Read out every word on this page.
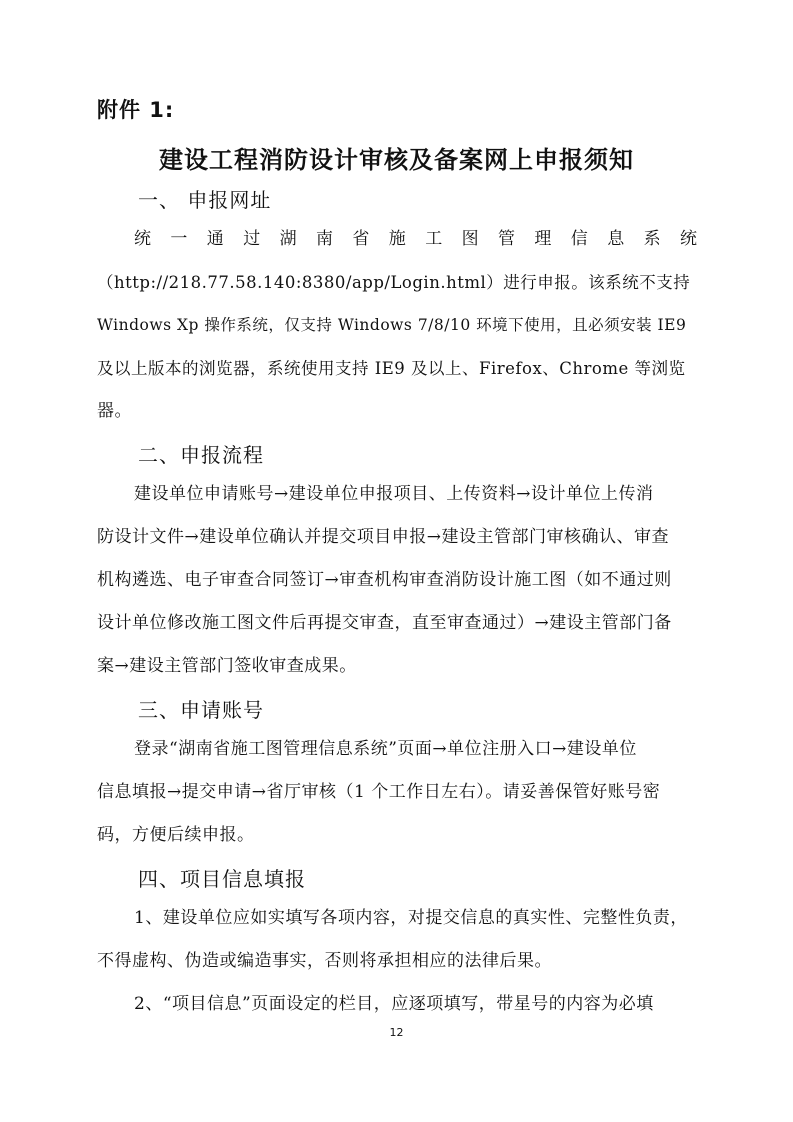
附件 1:
建设工程消防设计审核及备案网上申报须知
一、 申报网址
统 一 通 过 湖 南 省 施 工 图 管 理 信 息 系 统
（http://218.77.58.140:8380/app/Login.html）进行申报。该系统不支持
Windows Xp 操作系统，仅支持 Windows 7/8/10 环境下使用，且必须安装 IE9
及以上版本的浏览器，系统使用支持 IE9 及以上、Firefox、Chrome 等浏览
器。
二、申报流程
建设单位申请账号→建设单位申报项目、上传资料→设计单位上传消
防设计文件→建设单位确认并提交项目申报→建设主管部门审核确认、审查
机构遴选、电子审查合同签订→审查机构审查消防设计施工图（如不通过则
设计单位修改施工图文件后再提交审查，直至审查通过）→建设主管部门备
案→建设主管部门签收审查成果。
三、申请账号
登录“湖南省施工图管理信息系统”页面→单位注册入口→建设单位
信息填报→提交申请→省厅审核（1 个工作日左右）。请妥善保管好账号密
码，方便后续申报。
四、项目信息填报
1、建设单位应如实填写各项内容，对提交信息的真实性、完整性负责，
不得虚构、伪造或编造事实，否则将承担相应的法律后果。
2、“项目信息”页面设定的栏目，应逐项填写，带星号的内容为必填
12
